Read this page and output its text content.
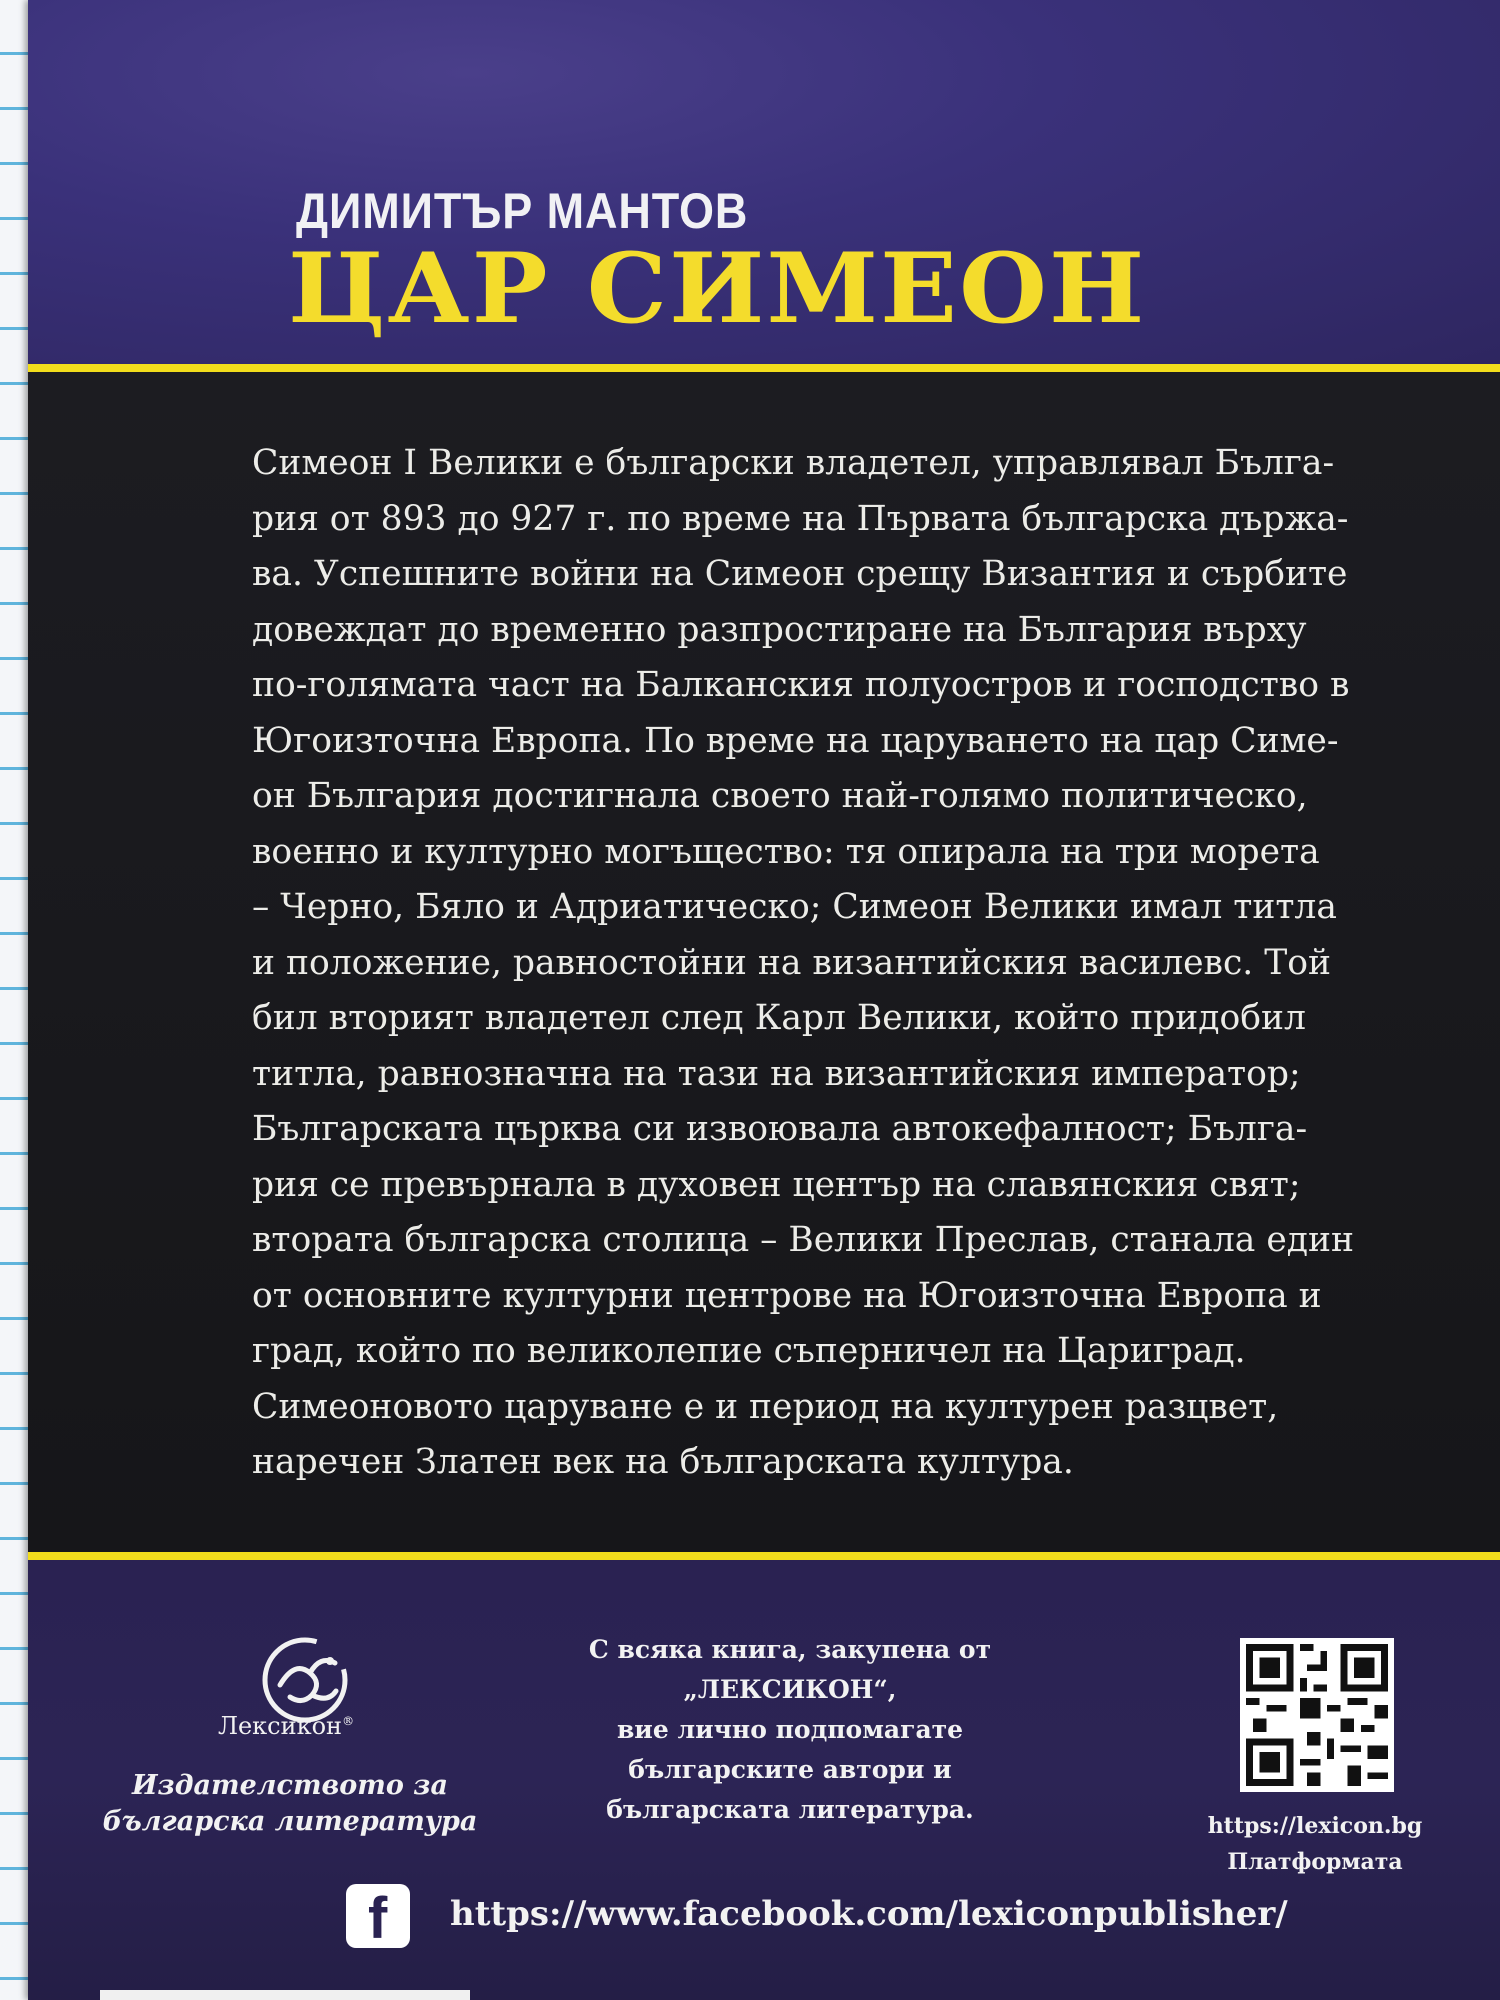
ДИМИТЪР МАНТОВ
ЦАР СИМЕОН
Симеон I Велики е български владетел, управлявал Бълга-
рия от 893 до 927 г. по време на Първата българска държа-
ва. Успешните войни на Симеон срещу Византия и сърбите
довеждат до временно разпростиране на България върху
по-голямата част на Балканския полуостров и господство в
Югоизточна Европа. По време на царуването на цар Симе-
он България достигнала своето най-голямо политическо,
военно и културно могъщество: тя опирала на три морета
– Черно, Бяло и Адриатическо; Симеон Велики имал титла
и положение, равностойни на византийския василевс. Той
бил вторият владетел след Карл Велики, който придобил
титла, равнозначна на тази на византийския император;
Българската църква си извоювала автокефалност; Бълга-
рия се превърнала в духовен център на славянския свят;
втората българска столица – Велики Преслав, станала един
от основните културни центрове на Югоизточна Европа и
град, който по великолепие съперничел на Цариград.
Симеоновото царуване е и период на културен разцвет,
наречен Златен век на българската култура.
Лексикон®
Издателството за
българска литература
С всяка книга, закупена от
„ЛЕКСИКОН“,
вие лично подпомагате
българските автори и
българската литература.
https://lexicon.bg
Платформата
f https://www.facebook.com/lexiconpublisher/
